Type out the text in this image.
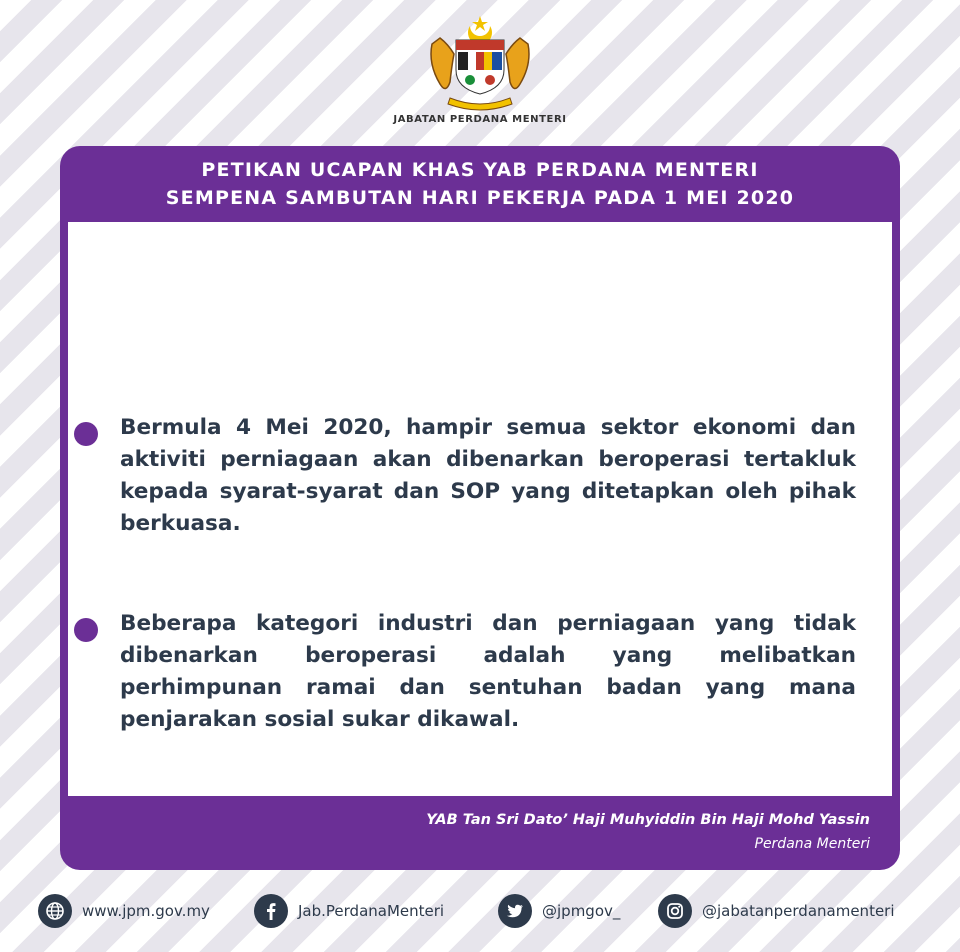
JABATAN PERDANA MENTERI
PETIKAN UCAPAN KHAS YAB PERDANA MENTERI
SEMPENA SAMBUTAN HARI PEKERJA PADA 1 MEI 2020
Bermula 4 Mei 2020, hampir semua sektor ekonomi dan aktiviti perniagaan akan dibenarkan beroperasi tertakluk kepada syarat-syarat dan SOP yang ditetapkan oleh pihak berkuasa.
Beberapa kategori industri dan perniagaan yang tidak dibenarkan beroperasi adalah yang melibatkan perhimpunan ramai dan sentuhan badan yang mana penjarakan sosial sukar dikawal.
YAB Tan Sri Dato’ Haji Muhyiddin Bin Haji Mohd Yassin
Perdana Menteri
www.jpm.gov.my	Jab.PerdanaMenteri	@jpmgov_	@jabatanperdanamenteri
